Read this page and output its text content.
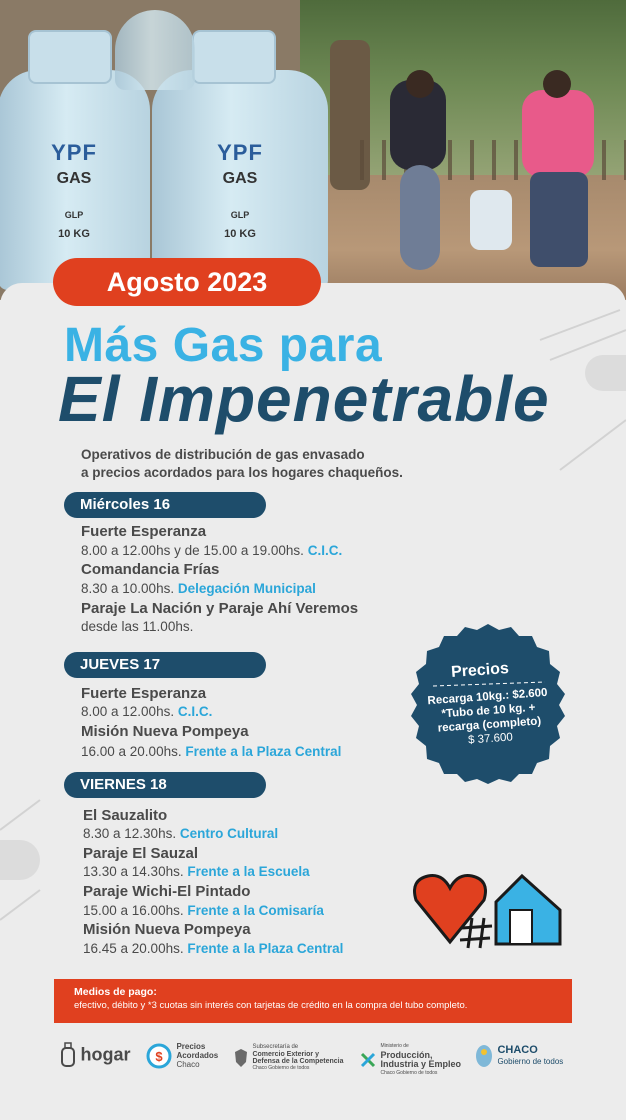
YPF
GAS
GLP
10 KG
YPF
GAS
GLP
10 KG
Agosto 2023
Más Gas para
El Impenetrable
Operativos de distribución de gas envasado
a precios acordados para los hogares chaqueños.
Miércoles 16
Fuerte Esperanza
8.00 a 12.00hs y de 15.00 a 19.00hs. C.I.C.
Comandancia Frías
8.30 a 10.00hs. Delegación Municipal
Paraje La Nación y Paraje Ahí Veremos
desde las 11.00hs.
JUEVES 17
Fuerte Esperanza
8.00 a 12.00hs. C.I.C.
Misión Nueva Pompeya
16.00 a 20.00hs. Frente a la Plaza Central
VIERNES 18
El Sauzalito
8.30 a 12.30hs. Centro Cultural
Paraje El Sauzal
13.30 a 14.30hs. Frente a la Escuela
Paraje Wichi-El Pintado
15.00 a 16.00hs. Frente a la Comisaría
Misión Nueva Pompeya
16.45 a 20.00hs. Frente a la Plaza Central
Precios
Recarga 10kg.: $2.600
*Tubo de 10 kg. +
recarga (completo)
$ 37.600
Medios de pago:
efectivo, débito y *3 cuotas sin interés con tarjetas de crédito en la compra del tubo completo.
hogar $

Precios
Acordados
Chaco

Subsecretaría de
Comercio Exterior y
Defensa de la Competencia
Chaco Gobierno de todos

Ministerio de
Producción,
Industria y Empleo
Chaco Gobierno de todos

CHACO
Gobierno de todos
